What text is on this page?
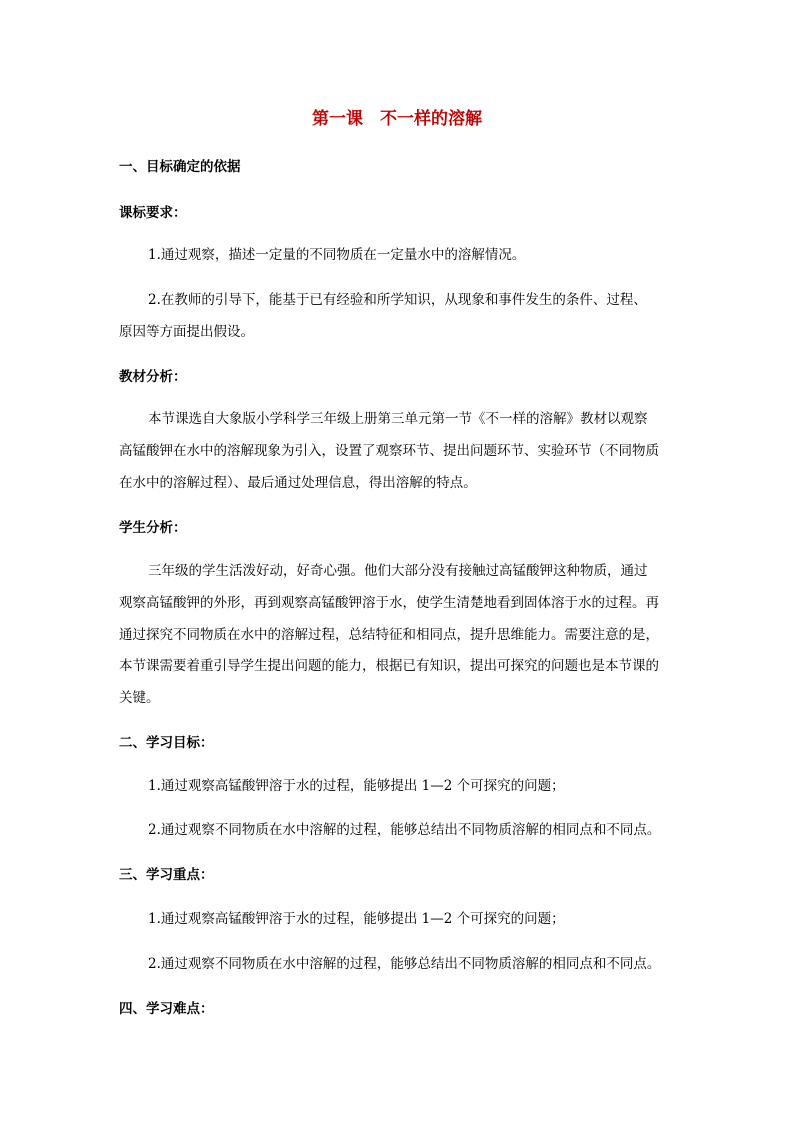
第一课　不一样的溶解
一、目标确定的依据
课标要求：
1.通过观察，描述一定量的不同物质在一定量水中的溶解情况。
2.在教师的引导下，能基于已有经验和所学知识，从现象和事件发生的条件、过程、
原因等方面提出假设。
教材分析：
本节课选自大象版小学科学三年级上册第三单元第一节《不一样的溶解》教材以观察
高锰酸钾在水中的溶解现象为引入，设置了观察环节、提出问题环节、实验环节（不同物质
在水中的溶解过程）、最后通过处理信息，得出溶解的特点。
学生分析：
三年级的学生活泼好动，好奇心强。他们大部分没有接触过高锰酸钾这种物质，通过
观察高锰酸钾的外形，再到观察高锰酸钾溶于水，使学生清楚地看到固体溶于水的过程。再
通过探究不同物质在水中的溶解过程，总结特征和相同点，提升思维能力。需要注意的是，
本节课需要着重引导学生提出问题的能力，根据已有知识，提出可探究的问题也是本节课的
关键。
二、学习目标：
1.通过观察高锰酸钾溶于水的过程，能够提出 1—2 个可探究的问题；
2.通过观察不同物质在水中溶解的过程，能够总结出不同物质溶解的相同点和不同点。
三、学习重点：
1.通过观察高锰酸钾溶于水的过程，能够提出 1—2 个可探究的问题；
2.通过观察不同物质在水中溶解的过程，能够总结出不同物质溶解的相同点和不同点。
四、学习难点：
